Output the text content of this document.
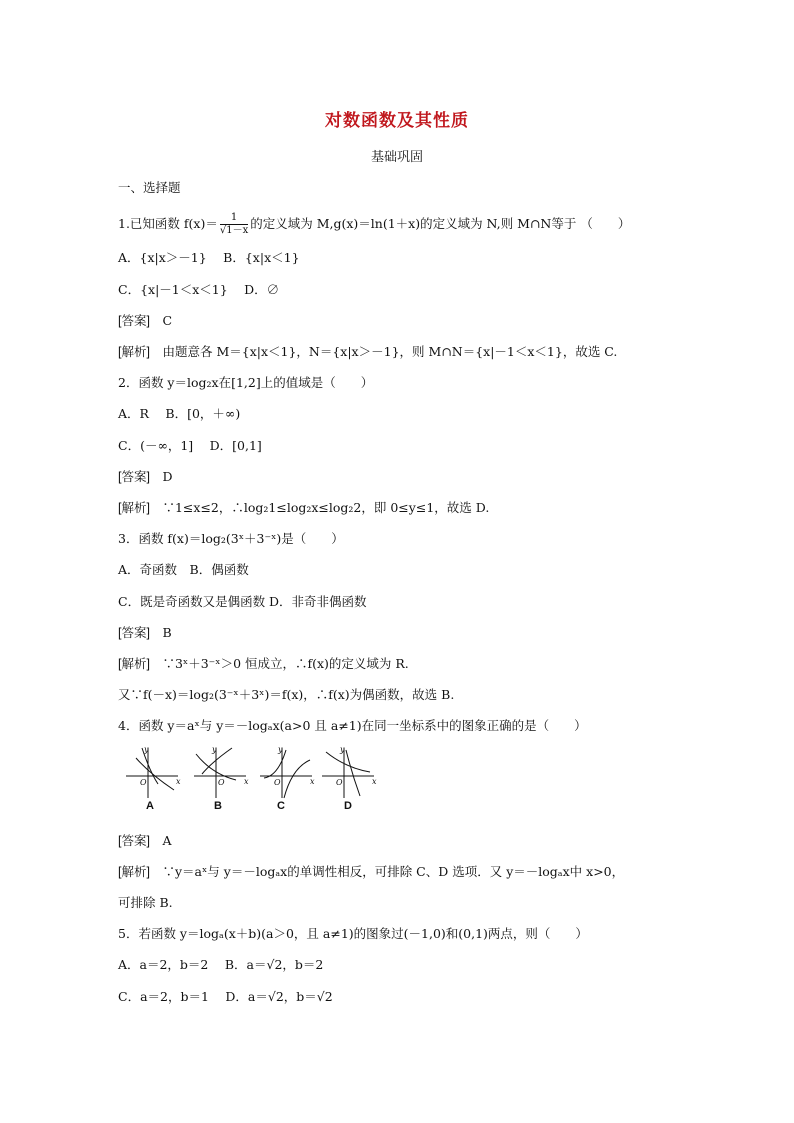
对数函数及其性质
基础巩固
一、选择题
1.已知函数 $f(x)= \frac{1}{√1-x}$ 的定义域为 M,g(x)＝ln(1＋x)的定义域为 N,则 M∩N等于 （　　）
A．{x|x＞－1}　 B．{x|x＜1}
C．{x|－1＜x＜1}　 D．∅
[答案]　 C
[解析]　 由题意各 M＝{x|x＜1}，N＝{x|x＞－1}，则 M∩N＝{x|－1＜x＜1}，故选 C.
2．函数 y＝log₂x在[1,2]上的值域是（　　）
A．R　 B．[0，＋∞)
C．(－∞，1]　 D．[0,1]
[答案]　 D
[解析]　 ∵1≤x≤2，∴log₂1≤log₂x≤log₂2，即 0≤y≤1，故选 D.
3．函数 f(x)＝log₂(3ˣ＋3⁻ˣ)是（　　）
A．奇函数　B．偶函数
C．既是奇函数又是偶函数 D．非奇非偶函数
[答案]　 B
[解析]　 ∵3ˣ＋3⁻ˣ＞0 恒成立，∴f(x)的定义域为 R.
又∵f(－x)＝log₂(3⁻ˣ＋3ˣ)＝f(x)，∴f(x)为偶函数，故选 B.
4．函数 y＝aˣ与 y＝－logₐx(a>0 且 a≠1)在同一坐标系中的图象正确的是（　　）
y
x
O
y
x
O
y
x
O
y
x
O
A	B	C	D
[答案]　 A
[解析]　 ∵y＝aˣ与 y＝－logₐx的单调性相反，可排除 C、D 选项．又 y＝－logₐx中 x>0，
可排除 B.
5．若函数 y＝logₐ(x＋b)(a＞0，且 a≠1)的图象过(－1,0)和(0,1)两点，则（　　）
A．a＝2，b＝2　 B．a＝√2，b＝2
C．a＝2，b＝1　 D．a＝√2，b＝√2
